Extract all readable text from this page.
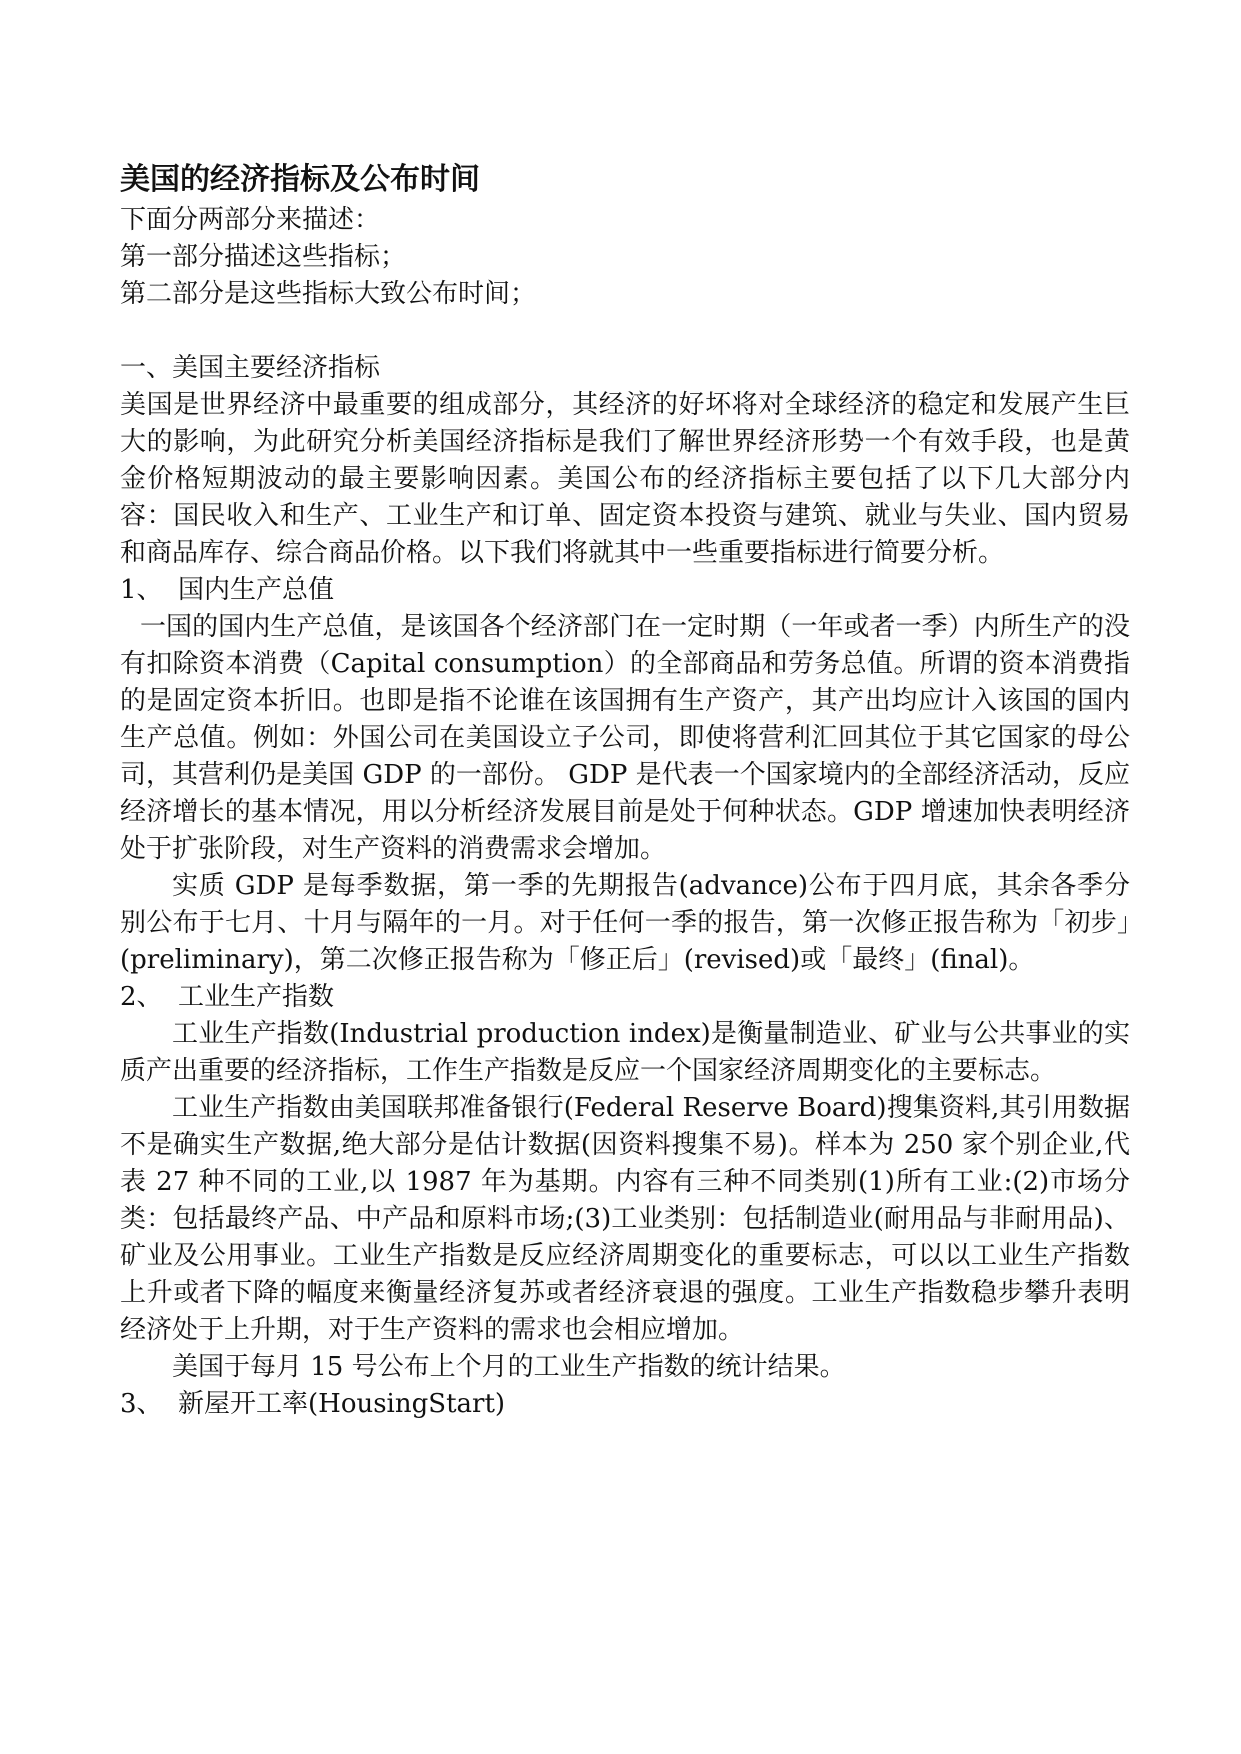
美国的经济指标及公布时间

下面分两部分来描述：

第一部分描述这些指标；

第二部分是这些指标大致公布时间；

一、美国主要经济指标

美国是世界经济中最重要的组成部分，其经济的好坏将对全球经济的稳定和发展产生巨大的影响，为此研究分析美国经济指标是我们了解世界经济形势一个有效手段，也是黄金价格短期波动的最主要影响因素。美国公布的经济指标主要包括了以下几大部分内容：国民收入和生产、工业生产和订单、固定资本投资与建筑、就业与失业、国内贸易和商品库存、综合商品价格。以下我们将就其中一些重要指标进行简要分析。

1、 国内生产总值

一国的国内生产总值，是该国各个经济部门在一定时期（一年或者一季）内所生产的没有扣除资本消费（Capital consumption）的全部商品和劳务总值。所谓的资本消费指的是固定资本折旧。也即是指不论谁在该国拥有生产资产，其产出均应计入该国的国内生产总值。例如：外国公司在美国设立子公司，即使将营利汇回其位于其它国家的母公司，其营利仍是美国 GDP 的一部份。 GDP 是代表一个国家境内的全部经济活动，反应经济增长的基本情况，用以分析经济发展目前是处于何种状态。GDP 增速加快表明经济处于扩张阶段，对生产资料的消费需求会增加。

实质 GDP 是每季数据，第一季的先期报告(advance)公布于四月底，其余各季分别公布于七月、十月与隔年的一月。对于任何一季的报告，第一次修正报告称为「初步」(preliminary)，第二次修正报告称为「修正后」(revised)或「最终」(final)。

2、 工业生产指数

工业生产指数(Industrial production index)是衡量制造业、矿业与公共事业的实质产出重要的经济指标，工作生产指数是反应一个国家经济周期变化的主要标志。

工业生产指数由美国联邦准备银行(Federal Reserve Board)搜集资料,其引用数据不是确实生产数据,绝大部分是估计数据(因资料搜集不易)。样本为 250 家个别企业,代表 27 种不同的工业,以 1987 年为基期。内容有三种不同类别(1)所有工业:(2)市场分类：包括最终产品、中产品和原料市场;(3)工业类别：包括制造业(耐用品与非耐用品)、矿业及公用事业。工业生产指数是反应经济周期变化的重要标志，可以以工业生产指数上升或者下降的幅度来衡量经济复苏或者经济衰退的强度。工业生产指数稳步攀升表明经济处于上升期，对于生产资料的需求也会相应增加。

美国于每月 15 号公布上个月的工业生产指数的统计结果。

3、 新屋开工率(HousingStart)
